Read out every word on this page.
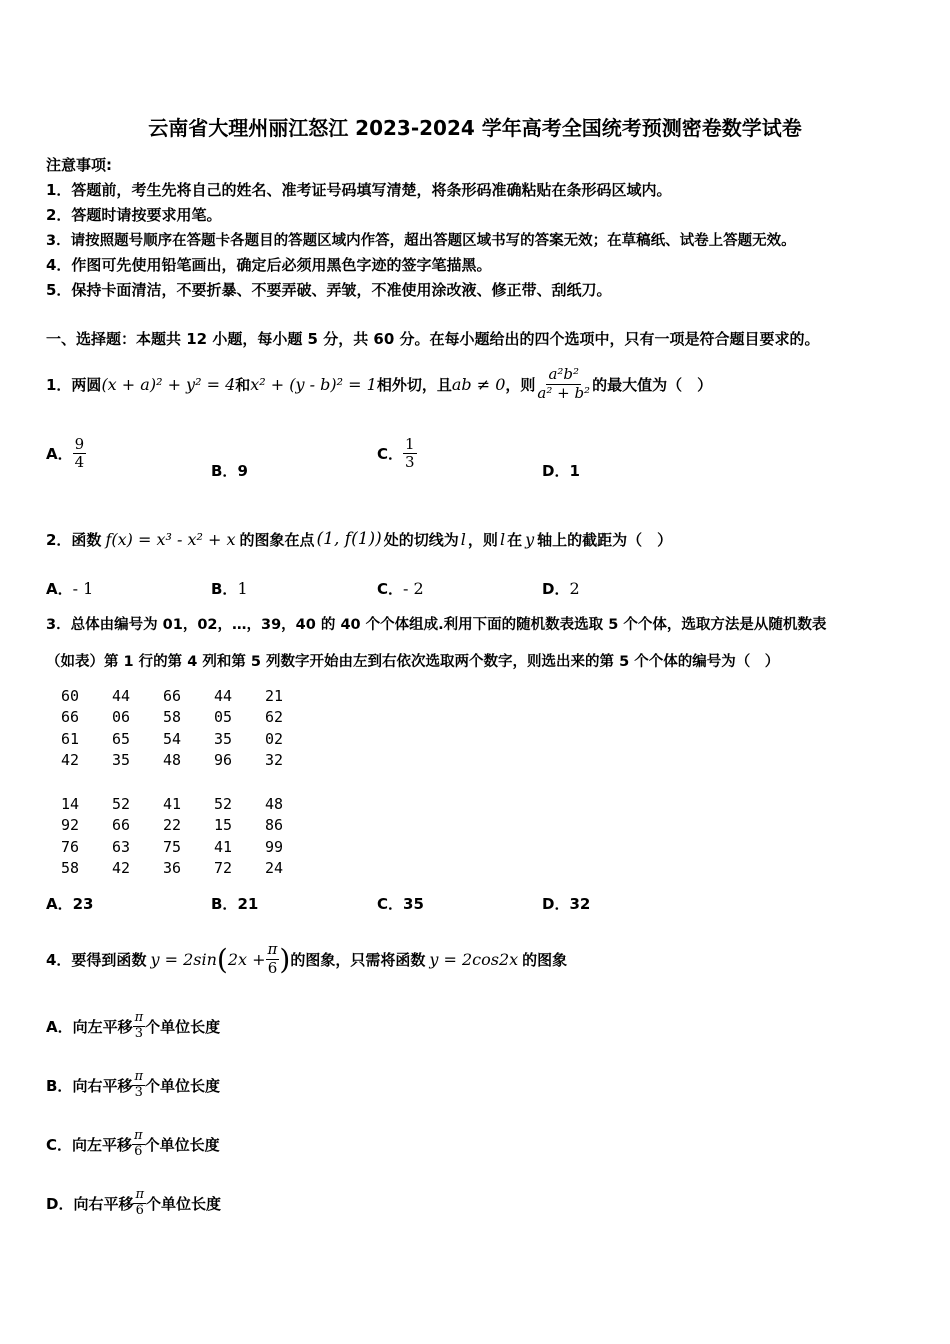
云南省大理州丽江怒江 2023-2024 学年高考全国统考预测密卷数学试卷
注意事项:
1．答题前，考生先将自己的姓名、准考证号码填写清楚，将条形码准确粘贴在条形码区域内。
2．答题时请按要求用笔。
3．请按照题号顺序在答题卡各题目的答题区域内作答，超出答题区域书写的答案无效；在草稿纸、试卷上答题无效。
4．作图可先使用铅笔画出，确定后必须用黑色字迹的签字笔描黑。
5．保持卡面清洁，不要折暴、不要弄破、弄皱，不准使用涂改液、修正带、刮纸刀。
一、选择题：本题共 12 小题，每小题 5 分，共 60 分。在每小题给出的四个选项中，只有一项是符合题目要求的。
1．两圆 (x + a)² + y² = 4 和 x² + (y - b)² = 1 相外切，且 ab ≠ 0 ，则 $\frac{\text{a²b²}}{\text{a² + b²}}$ 的最大值为（　）
A． $\frac{9}{4}$	B．9
C． $\frac{1}{3}$	D．1
2．函数 f(x) = x³ - x² + x 的图象在点 (1, f(1)) 处的切线为 l ，则 l 在 y 轴上的截距为（　）
A．- 1	B．1	C．- 2	D．2
3．总体由编号为 01，02，…，39，40 的 40 个个体组成.利用下面的随机数表选取 5 个个体，选取方法是从随机数表
（如表）第 1 行的第 4 列和第 5 列数字开始由左到右依次选取两个数字，则选出来的第 5 个个体的编号为（　）
60	44	66	44	21
66	06	58	05	62
61	65	54	35	02
42	35	48	96	32
14	52	41	52	48
92	66	22	15	86
76	63	75	41	99
58	42	36	72	24
A．23	B．21	C．35	D．32
4．要得到函数 y = 2sin ( $2x + \frac{\pi}{6}$ ) 的图象，只需将函数 y = 2cos2x 的图象
A． 向左平移 $\frac{\pi}{3}$ 个单位长度
B． 向右平移 $\frac{\pi}{3}$ 个单位长度
C． 向左平移 $\frac{\pi}{6}$ 个单位长度
D． 向右平移 $\frac{\pi}{6}$ 个单位长度
